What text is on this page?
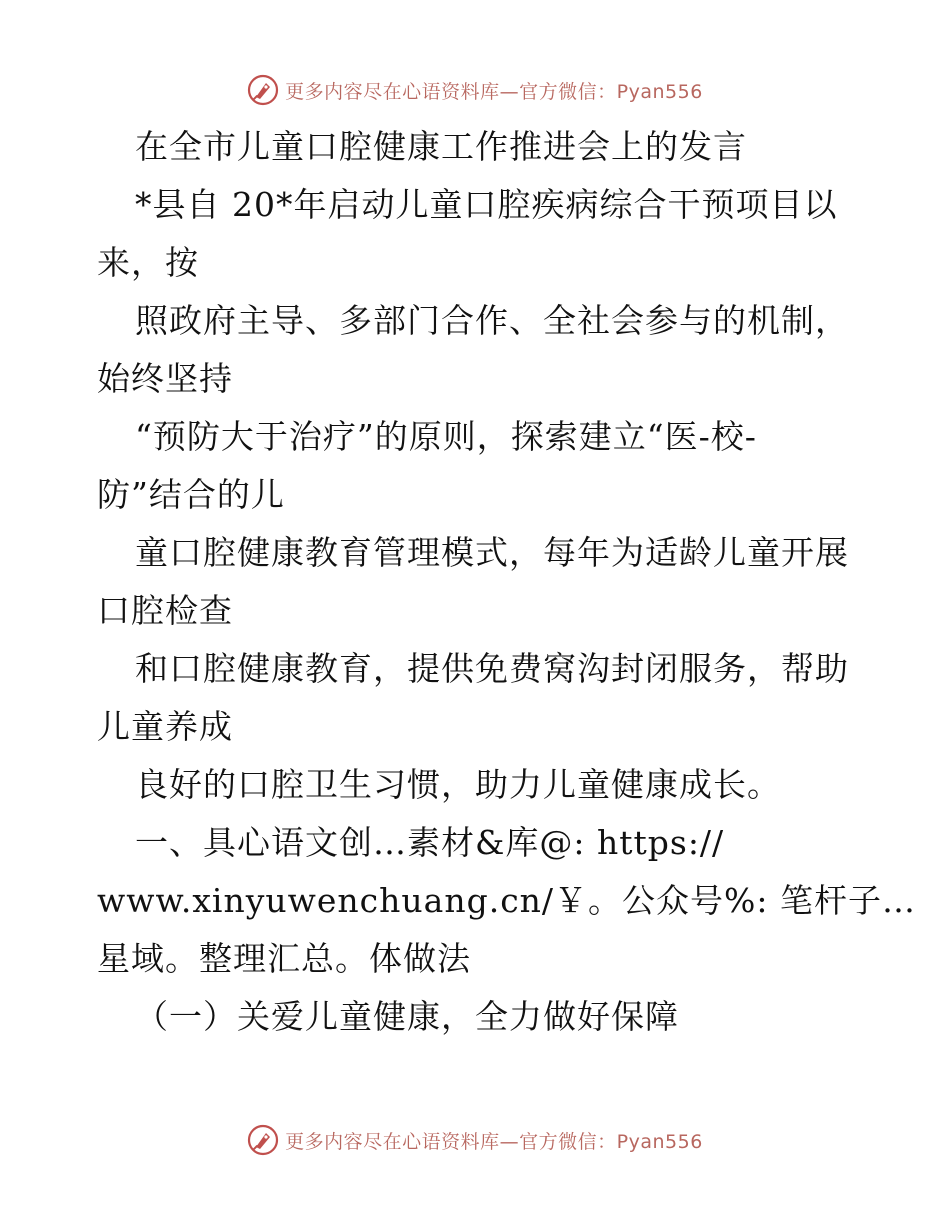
更多内容尽在心语资料库—官方微信：Pyan556
在全市儿童口腔健康工作推进会上的发言
*县自 20*年启动儿童口腔疾病综合干预项目以
来，按
照政府主导、多部门合作、全社会参与的机制，
始终坚持
“预防大于治疗”的原则，探索建立“医-校-
防”结合的儿
童口腔健康教育管理模式，每年为适龄儿童开展
口腔检查
和口腔健康教育，提供免费窝沟封闭服务，帮助
儿童养成
良好的口腔卫生习惯，助力儿童健康成长。
一、具心语文创…素材&库@: https://
www.xinyuwenchuang.cn/￥。公众号%: 笔杆子…
星域。整理汇总。体做法
（一）关爱儿童健康，全力做好保障
更多内容尽在心语资料库—官方微信：Pyan556
